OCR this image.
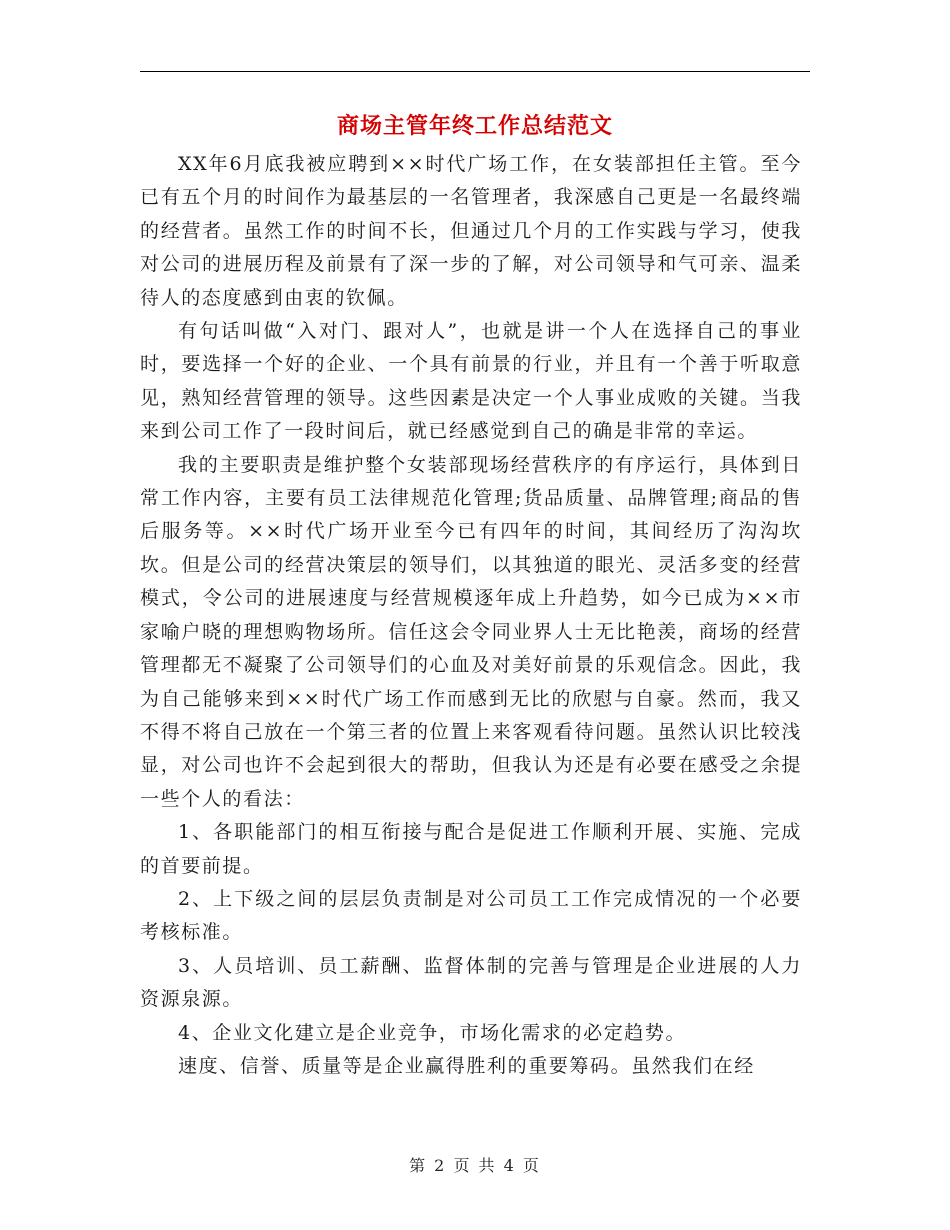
商场主管年终工作总结范文

XX年6月底我被应聘到××时代广场工作，在女装部担任主管。至今已有五个月的时间作为最基层的一名管理者，我深感自己更是一名最终端的经营者。虽然工作的时间不长，但通过几个月的工作实践与学习，使我对公司的进展历程及前景有了深一步的了解，对公司领导和气可亲、温柔待人的态度感到由衷的钦佩。

有句话叫做“入对门、跟对人”，也就是讲一个人在选择自己的事业时，要选择一个好的企业、一个具有前景的行业，并且有一个善于听取意见，熟知经营管理的领导。这些因素是决定一个人事业成败的关键。当我来到公司工作了一段时间后，就已经感觉到自己的确是非常的幸运。

我的主要职责是维护整个女装部现场经营秩序的有序运行，具体到日常工作内容，主要有员工法律规范化管理;货品质量、品牌管理;商品的售后服务等。××时代广场开业至今已有四年的时间，其间经历了沟沟坎坎。但是公司的经营决策层的领导们，以其独道的眼光、灵活多变的经营模式，令公司的进展速度与经营规模逐年成上升趋势，如今已成为××市家喻户晓的理想购物场所。信任这会令同业界人士无比艳羡，商场的经营管理都无不凝聚了公司领导们的心血及对美好前景的乐观信念。因此，我为自己能够来到××时代广场工作而感到无比的欣慰与自豪。然而，我又不得不将自己放在一个第三者的位置上来客观看待问题。虽然认识比较浅显，对公司也许不会起到很大的帮助，但我认为还是有必要在感受之余提一些个人的看法：

1、各职能部门的相互衔接与配合是促进工作顺利开展、实施、完成的首要前提。

2、上下级之间的层层负责制是对公司员工工作完成情况的一个必要考核标准。

3、人员培训、员工薪酬、监督体制的完善与管理是企业进展的人力资源泉源。

4、企业文化建立是企业竞争，市场化需求的必定趋势。

速度、信誉、质量等是企业赢得胜利的重要筹码。虽然我们在经

第 2 页 共 4 页
